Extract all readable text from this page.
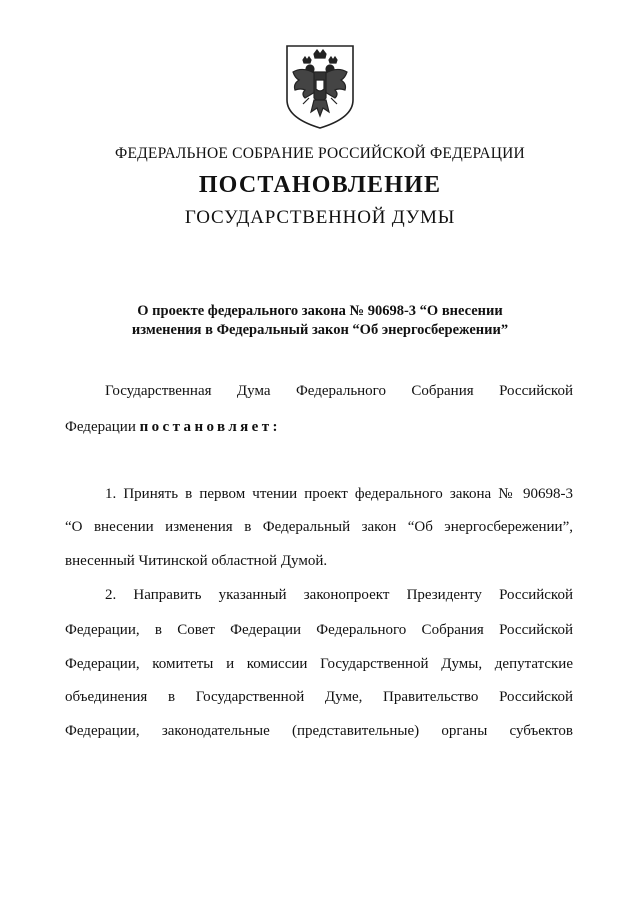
ФЕДЕРАЛЬНОЕ СОБРАНИЕ РОССИЙСКОЙ ФЕДЕРАЦИИ
ПОСТАНОВЛЕНИЕ
ГОСУДАРСТВЕННОЙ ДУМЫ
О проекте федерального закона № 90698-3 “О внесении
изменения в Федеральный закон “Об энергосбережении”
Государственная Дума Федерального Собрания Российской
Федерации постановляет:
1. Принять в первом чтении проект федерального закона № 90698-3
“О внесении изменения в Федеральный закон “Об энергосбережении”,
внесенный Читинской областной Думой.
2. Направить указанный законопроект Президенту Российской
Федерации, в Совет Федерации Федерального Собрания Российской
Федерации, комитеты и комиссии Государственной Думы, депутатские
объединения в Государственной Думе, Правительство Российской
Федерации, законодательные (представительные) органы субъектов
